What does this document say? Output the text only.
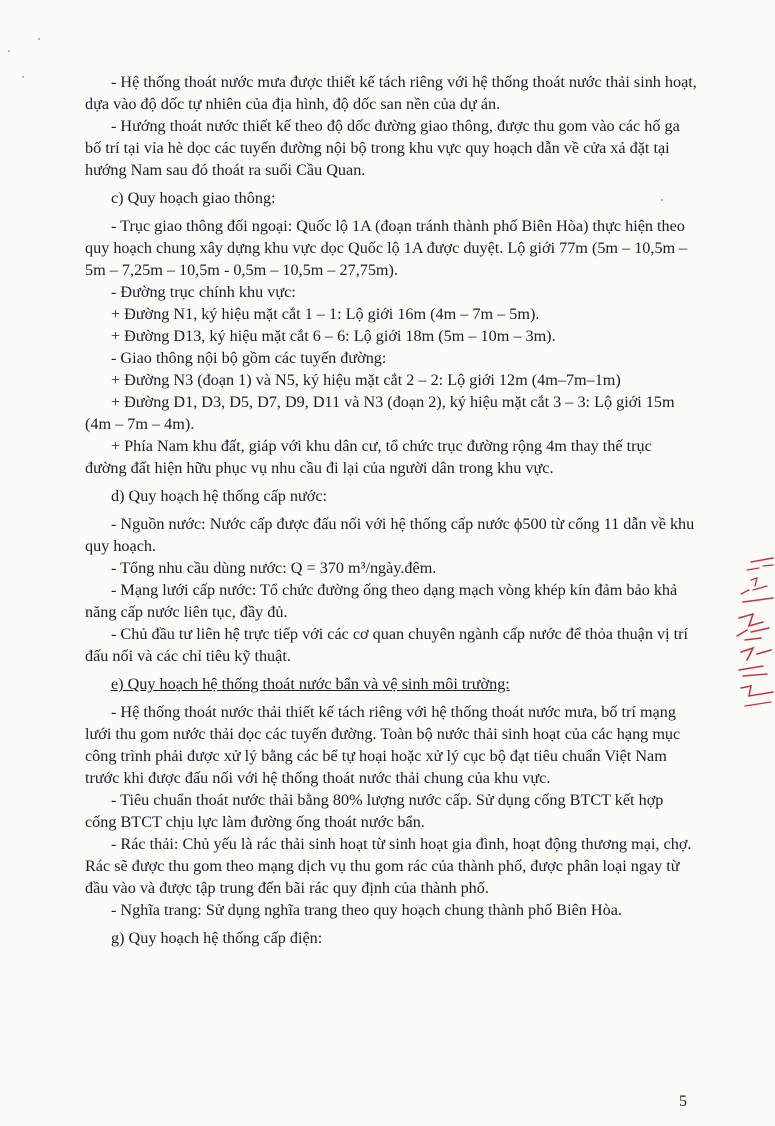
- Hệ thống thoát nước mưa được thiết kế tách riêng với hệ thống thoát nước thải sinh hoạt, dựa vào độ dốc tự nhiên của địa hình, độ dốc san nền của dự án.

- Hướng thoát nước thiết kế theo độ dốc đường giao thông, được thu gom vào các hố ga bố trí tại vỉa hè dọc các tuyến đường nội bộ trong khu vực quy hoạch dẫn về cửa xả đặt tại hướng Nam sau đó thoát ra suối Cầu Quan.

c) Quy hoạch giao thông:

- Trục giao thông đối ngoại: Quốc lộ 1A (đoạn tránh thành phố Biên Hòa) thực hiện theo quy hoạch chung xây dựng khu vực dọc Quốc lộ 1A được duyệt. Lộ giới 77m (5m – 10,5m – 5m – 7,25m – 10,5m - 0,5m – 10,5m – 27,75m).

- Đường trục chính khu vực:

+ Đường N1, ký hiệu mặt cắt 1 – 1: Lộ giới 16m (4m – 7m – 5m).

+ Đường D13, ký hiệu mặt cắt 6 – 6: Lộ giới 18m (5m – 10m – 3m).

- Giao thông nội bộ gồm các tuyến đường:

+ Đường N3 (đoạn 1) và N5, ký hiệu mặt cắt 2 – 2: Lộ giới 12m (4m–7m–1m)

+ Đường D1, D3, D5, D7, D9, D11 và N3 (đoạn 2), ký hiệu mặt cắt 3 – 3: Lộ giới 15m (4m – 7m – 4m).

+ Phía Nam khu đất, giáp với khu dân cư, tổ chức trục đường rộng 4m thay thế trục đường đất hiện hữu phục vụ nhu cầu đi lại của người dân trong khu vực.

d) Quy hoạch hệ thống cấp nước:

- Nguồn nước: Nước cấp được đấu nối với hệ thống cấp nước ϕ500 từ cống 11 dẫn về khu quy hoạch.

- Tổng nhu cầu dùng nước: Q = 370 m³/ngày.đêm.

- Mạng lưới cấp nước: Tổ chức đường ống theo dạng mạch vòng khép kín đảm bảo khả năng cấp nước liên tục, đầy đủ.

- Chủ đầu tư liên hệ trực tiếp với các cơ quan chuyên ngành cấp nước để thỏa thuận vị trí đấu nối và các chỉ tiêu kỹ thuật.

e) Quy hoạch hệ thống thoát nước bẩn và vệ sinh môi trường:

- Hệ thống thoát nước thải thiết kế tách riêng với hệ thống thoát nước mưa, bố trí mạng lưới thu gom nước thải dọc các tuyến đường. Toàn bộ nước thải sinh hoạt của các hạng mục công trình phải được xử lý bằng các bể tự hoại hoặc xử lý cục bộ đạt tiêu chuẩn Việt Nam trước khi được đấu nối với hệ thống thoát nước thải chung của khu vực.

- Tiêu chuẩn thoát nước thải bằng 80% lượng nước cấp. Sử dụng cống BTCT kết hợp cống BTCT chịu lực làm đường ống thoát nước bẩn.

- Rác thải: Chủ yếu là rác thải sinh hoạt từ sinh hoạt gia đình, hoạt động thương mại, chợ. Rác sẽ được thu gom theo mạng dịch vụ thu gom rác của thành phố, được phân loại ngay từ đầu vào và được tập trung đến bãi rác quy định của thành phố.

- Nghĩa trang: Sử dụng nghĩa trang theo quy hoạch chung thành phố Biên Hòa.

g) Quy hoạch hệ thống cấp điện:

5
